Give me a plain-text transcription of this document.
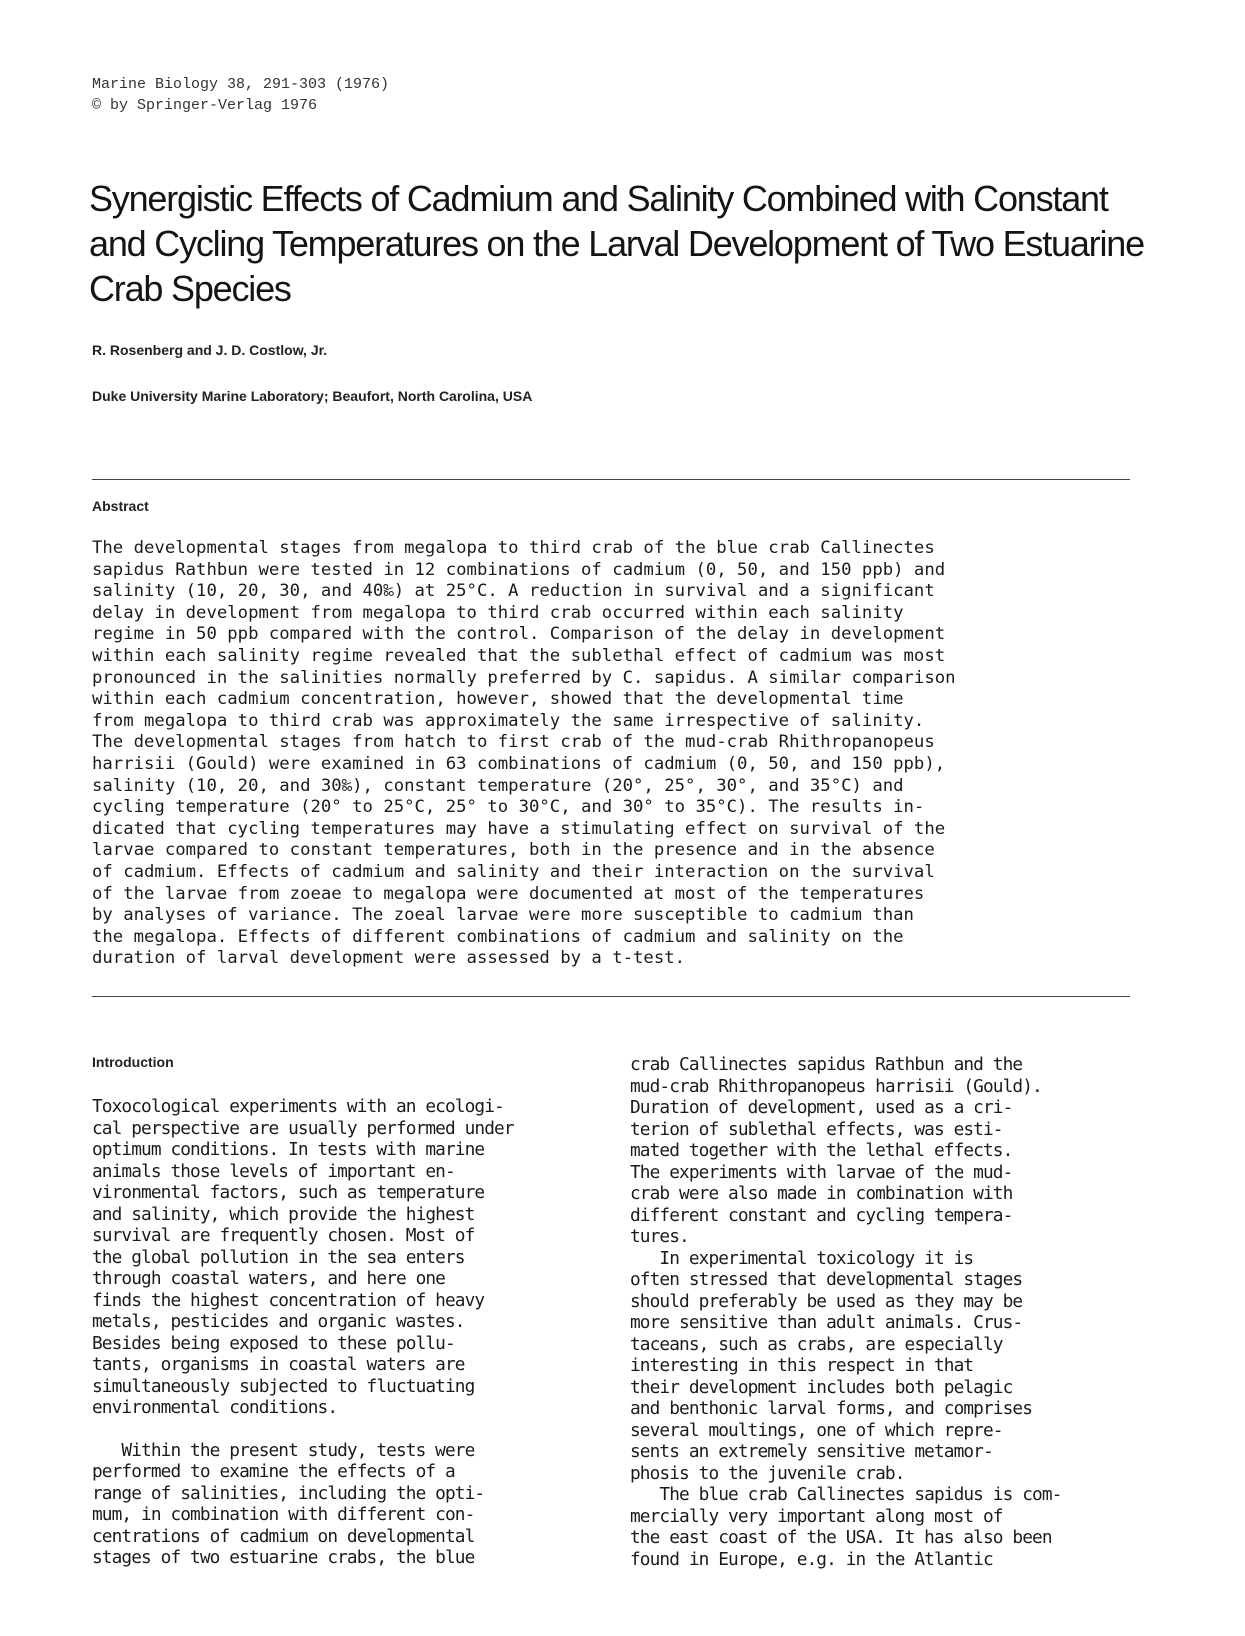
Marine Biology 38, 291-303 (1976)
© by Springer-Verlag 1976
Synergistic Effects of Cadmium and Salinity Combined with Constant and Cycling Temperatures on the Larval Development of Two Estuarine Crab Species
R. Rosenberg and J. D. Costlow, Jr.
Duke University Marine Laboratory; Beaufort, North Carolina, USA
Abstract
The developmental stages from megalopa to third crab of the blue crab Callinectes
sapidus Rathbun were tested in 12 combinations of cadmium (0, 50, and 150 ppb) and
salinity (10, 20, 30, and 40‰) at 25°C. A reduction in survival and a significant
delay in development from megalopa to third crab occurred within each salinity
regime in 50 ppb compared with the control. Comparison of the delay in development
within each salinity regime revealed that the sublethal effect of cadmium was most
pronounced in the salinities normally preferred by C. sapidus. A similar comparison
within each cadmium concentration, however, showed that the developmental time
from megalopa to third crab was approximately the same irrespective of salinity.
The developmental stages from hatch to first crab of the mud-crab Rhithropanopeus
harrisii (Gould) were examined in 63 combinations of cadmium (0, 50, and 150 ppb),
salinity (10, 20, and 30‰), constant temperature (20°, 25°, 30°, and 35°C) and
cycling temperature (20° to 25°C, 25° to 30°C, and 30° to 35°C). The results in-
dicated that cycling temperatures may have a stimulating effect on survival of the
larvae compared to constant temperatures, both in the presence and in the absence
of cadmium. Effects of cadmium and salinity and their interaction on the survival
of the larvae from zoeae to megalopa were documented at most of the temperatures
by analyses of variance. The zoeal larvae were more susceptible to cadmium than
the megalopa. Effects of different combinations of cadmium and salinity on the
duration of larval development were assessed by a t-test.
Introduction
Toxocological experiments with an ecologi-
cal perspective are usually performed under
optimum conditions. In tests with marine
animals those levels of important en-
vironmental factors, such as temperature
and salinity, which provide the highest
survival are frequently chosen. Most of
the global pollution in the sea enters
through coastal waters, and here one
finds the highest concentration of heavy
metals, pesticides and organic wastes.
Besides being exposed to these pollu-
tants, organisms in coastal waters are
simultaneously subjected to fluctuating
environmental conditions.
Within the present study, tests were
performed to examine the effects of a
range of salinities, including the opti-
mum, in combination with different con-
centrations of cadmium on developmental
stages of two estuarine crabs, the blue
crab Callinectes sapidus Rathbun and the
mud-crab Rhithropanopeus harrisii (Gould).
Duration of development, used as a cri-
terion of sublethal effects, was esti-
mated together with the lethal effects.
The experiments with larvae of the mud-
crab were also made in combination with
different constant and cycling tempera-
tures.
In experimental toxicology it is
often stressed that developmental stages
should preferably be used as they may be
more sensitive than adult animals. Crus-
taceans, such as crabs, are especially
interesting in this respect in that
their development includes both pelagic
and benthonic larval forms, and comprises
several moultings, one of which repre-
sents an extremely sensitive metamor-
phosis to the juvenile crab.
The blue crab Callinectes sapidus is com-
mercially very important along most of
the east coast of the USA. It has also been
found in Europe, e.g. in the Atlantic
